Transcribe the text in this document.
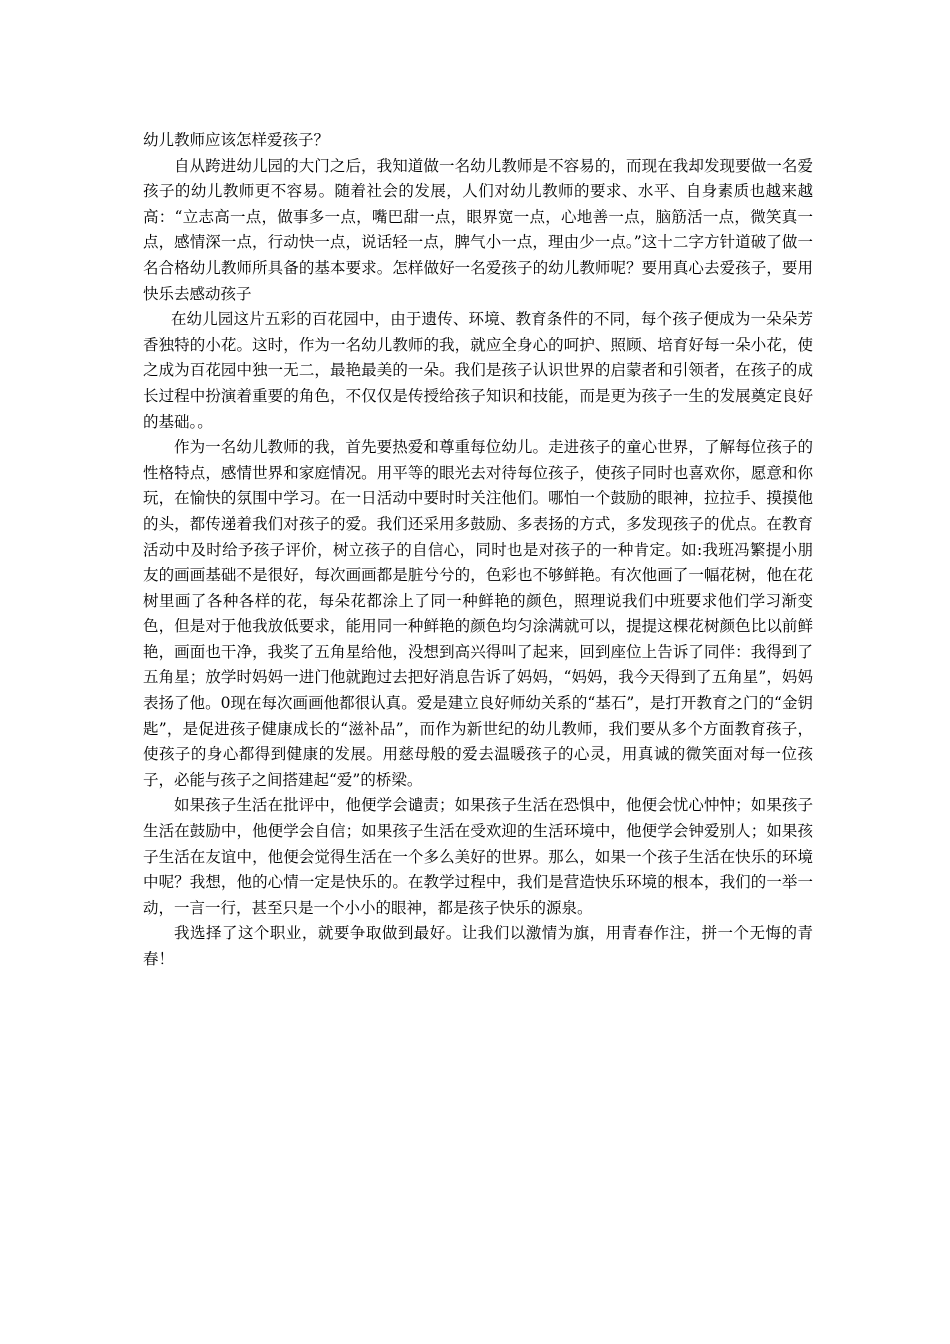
幼儿教师应该怎样爱孩子？

自从跨进幼儿园的大门之后，我知道做一名幼儿教师是不容易的，而现在我却发现要做一名爱孩子的幼儿教师更不容易。随着社会的发展，人们对幼儿教师的要求、水平、自身素质也越来越高：“立志高一点，做事多一点，嘴巴甜一点，眼界宽一点，心地善一点，脑筋活一点，微笑真一点，感情深一点，行动快一点，说话轻一点，脾气小一点，理由少一点。”这十二字方针道破了做一名合格幼儿教师所具备的基本要求。怎样做好一名爱孩子的幼儿教师呢？要用真心去爱孩子，要用快乐去感动孩子

在幼儿园这片五彩的百花园中，由于遗传、环境、教育条件的不同，每个孩子便成为一朵朵芳香独特的小花。这时，作为一名幼儿教师的我，就应全身心的呵护、照顾、培育好每一朵小花，使之成为百花园中独一无二，最艳最美的一朵。我们是孩子认识世界的启蒙者和引领者，在孩子的成长过程中扮演着重要的角色，不仅仅是传授给孩子知识和技能，而是更为孩子一生的发展奠定良好的基础。。

作为一名幼儿教师的我，首先要热爱和尊重每位幼儿。走进孩子的童心世界，了解每位孩子的性格特点，感情世界和家庭情况。用平等的眼光去对待每位孩子，使孩子同时也喜欢你，愿意和你玩，在愉快的氛围中学习。在一日活动中要时时关注他们。哪怕一个鼓励的眼神，拉拉手、摸摸他的头，都传递着我们对孩子的爱。我们还采用多鼓励、多表扬的方式，多发现孩子的优点。在教育活动中及时给予孩子评价，树立孩子的自信心，同时也是对孩子的一种肯定。如:我班冯繁提小朋友的画画基础不是很好，每次画画都是脏兮兮的，色彩也不够鲜艳。有次他画了一幅花树，他在花树里画了各种各样的花，每朵花都涂上了同一种鲜艳的颜色，照理说我们中班要求他们学习渐变色，但是对于他我放低要求，能用同一种鲜艳的颜色均匀涂满就可以，提提这棵花树颜色比以前鲜艳，画面也干净，我奖了五角星给他，没想到高兴得叫了起来，回到座位上告诉了同伴：我得到了五角星；放学时妈妈一进门他就跑过去把好消息告诉了妈妈，“妈妈，我今天得到了五角星”，妈妈表扬了他。0现在每次画画他都很认真。爱是建立良好师幼关系的“基石”，是打开教育之门的“金钥匙”，是促进孩子健康成长的“滋补品”，而作为新世纪的幼儿教师，我们要从多个方面教育孩子，使孩子的身心都得到健康的发展。用慈母般的爱去温暖孩子的心灵，用真诚的微笑面对每一位孩子，必能与孩子之间搭建起“爱”的桥梁。

如果孩子生活在批评中，他便学会谴责；如果孩子生活在恐惧中，他便会忧心忡忡；如果孩子生活在鼓励中，他便学会自信；如果孩子生活在受欢迎的生活环境中，他便学会钟爱别人；如果孩子生活在友谊中，他便会觉得生活在一个多么美好的世界。那么，如果一个孩子生活在快乐的环境中呢？我想，他的心情一定是快乐的。在教学过程中，我们是营造快乐环境的根本，我们的一举一动，一言一行，甚至只是一个小小的眼神，都是孩子快乐的源泉。

我选择了这个职业，就要争取做到最好。让我们以激情为旗，用青春作注，拼一个无悔的青春！
